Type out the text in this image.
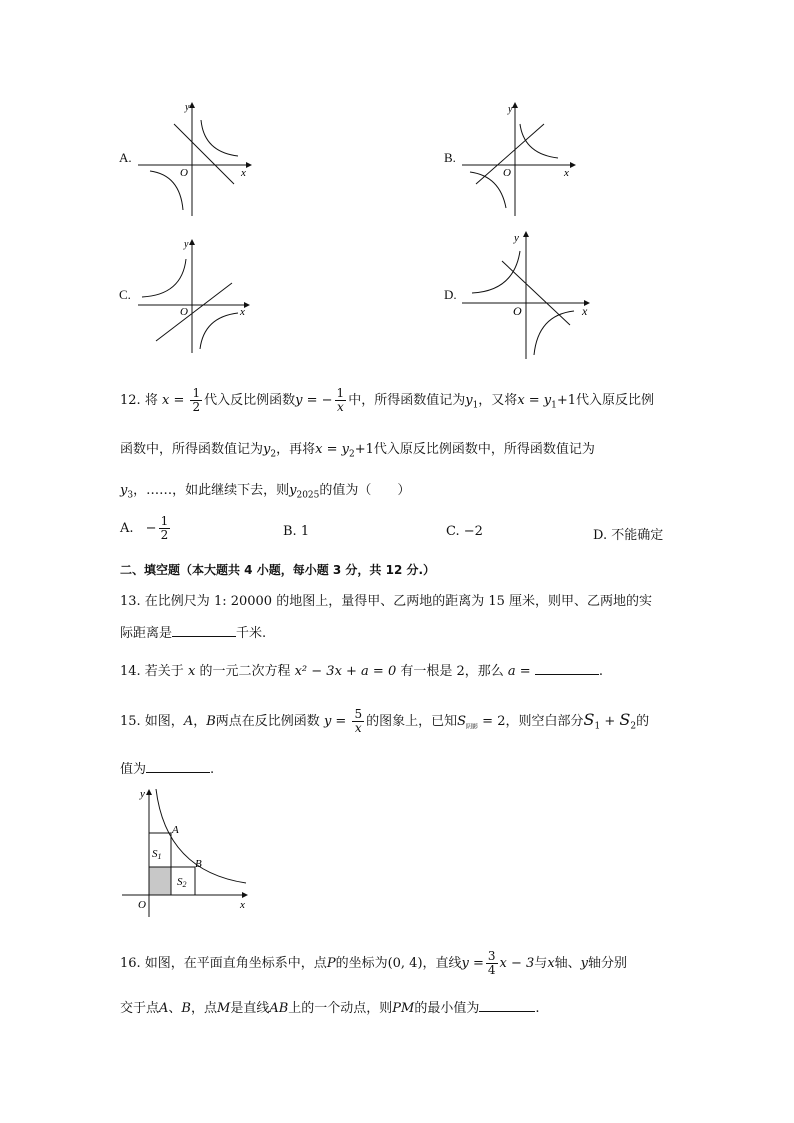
A.
y
x
O
B.
y
x
O
C.
y
x
O
D.
y
x
O
12. 将 $x = \frac{1}{2}$ 代入反比例函数y = − $\frac{1}{x}$ 中，所得函数值记为$y_1$，又将$x = y_1+1$代入原反比例
函数中，所得函数值记为$y_2$，再将$x = y_2+1$代入原反比例函数中，所得函数值记为
$y_3$，……，如此继续下去，则$y_{2025}$的值为（　　）
A. − $\frac{1}{2}$	B. 1	C. −2	D. 不能确定
二、填空题（本大题共 4 小题，每小题 3 分，共 12 分.）
13. 在比例尺为 1: 20000 的地图上，量得甲、乙两地的距离为 15 厘米，则甲、乙两地的实
际距离是	千米.
14. 若关于 x 的一元二次方程 x² − 3x + a = 0 有一根是 2，那么 a =	.
15. 如图，A，B两点在反比例函数 $y = \frac{5}{x}$ 的图象上，已知$S_{阴影} = 2$，则空白部分$S_1 + S_2$的
值为	.
y
x
O
A
B
S1
S2
16. 如图，在平面直角坐标系中，点P的坐标为(0, 4)，直线$y = \frac{3}{4}$ x − 3与x轴、y轴分别
交于点A、B，点M是直线AB上的一个动点，则PM的最小值为	.
